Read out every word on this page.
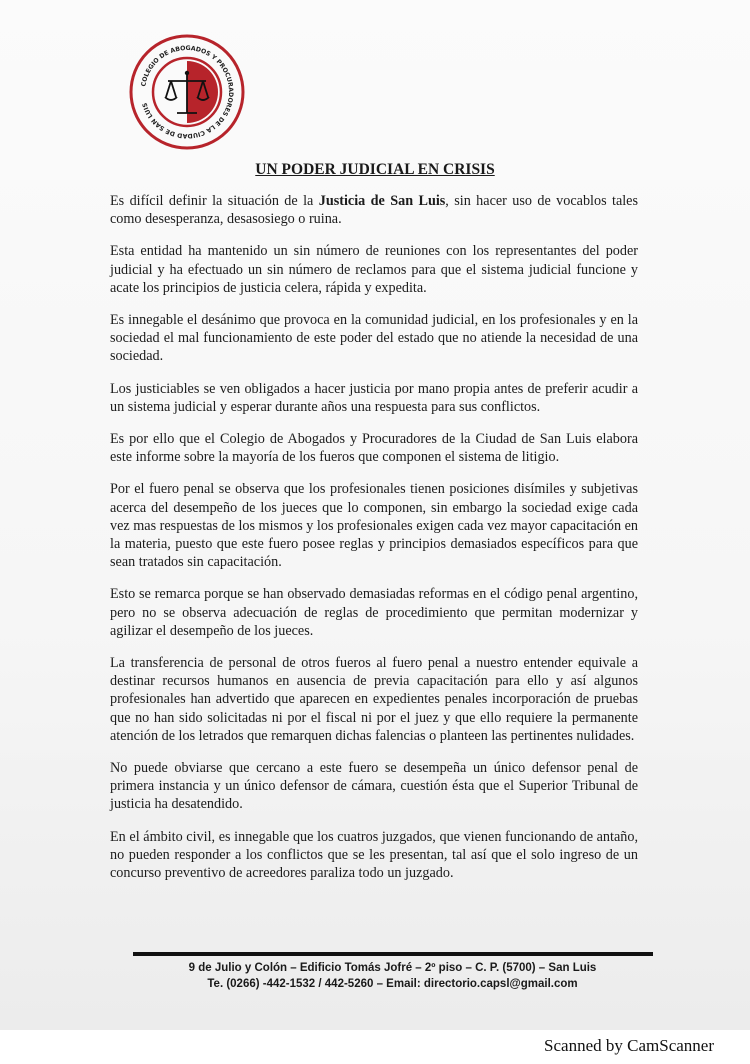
COLEGIO DE ABOGADOS Y PROCURADORES DE LA CIUDAD DE SAN LUIS
UN PODER JUDICIAL EN CRISIS

Es difícil definir la situación de la Justicia de San Luis, sin hacer uso de vocablos tales como desesperanza, desasosiego o ruina.

Esta entidad ha mantenido un sin número de reuniones con los representantes del poder judicial y ha efectuado un sin número de reclamos para que el sistema judicial funcione y acate los principios de justicia celera, rápida y expedita.

Es innegable el desánimo que provoca en la comunidad judicial, en los profesionales y en la sociedad el mal funcionamiento de este poder del estado que no atiende la necesidad de una sociedad.

Los justiciables se ven obligados a hacer justicia por mano propia antes de preferir acudir a un sistema judicial y esperar durante años una respuesta para sus conflictos.

Es por ello que el Colegio de Abogados y Procuradores de la Ciudad de San Luis elabora este informe sobre la mayoría de los fueros que componen el sistema de litigio.

Por el fuero penal se observa que los profesionales tienen posiciones disímiles y subjetivas acerca del desempeño de los jueces que lo componen, sin embargo la sociedad exige cada vez mas respuestas de los mismos y los profesionales exigen cada vez mayor capacitación en la materia, puesto que este fuero posee reglas y principios demasiados específicos para que sean tratados sin capacitación.

Esto se remarca porque se han observado demasiadas reformas en el código penal argentino, pero no se observa adecuación de reglas de procedimiento que permitan modernizar y agilizar el desempeño de los jueces.

La transferencia de personal de otros fueros al fuero penal a nuestro entender equivale a destinar recursos humanos en ausencia de previa capacitación para ello y así algunos profesionales han advertido que aparecen en expedientes penales incorporación de pruebas que no han sido solicitadas ni por el fiscal ni por el juez y que ello requiere la permanente atención de los letrados que remarquen dichas falencias o planteen las pertinentes nulidades.

No puede obviarse que cercano a este fuero se desempeña un único defensor penal de primera instancia y un único defensor de cámara, cuestión ésta que el Superior Tribunal de justicia ha desatendido.

En el ámbito civil, es innegable que los cuatros juzgados, que vienen funcionando de antaño, no pueden responder a los conflictos que se les presentan, tal así que el solo ingreso de un concurso preventivo de acreedores paraliza todo un juzgado.

9 de Julio y Colón – Edificio Tomás Jofré – 2º piso – C. P. (5700) – San Luis

Te. (0266) -442-1532 / 442-5260 – Email: directorio.capsl@gmail.com

Scanned by CamScanner
